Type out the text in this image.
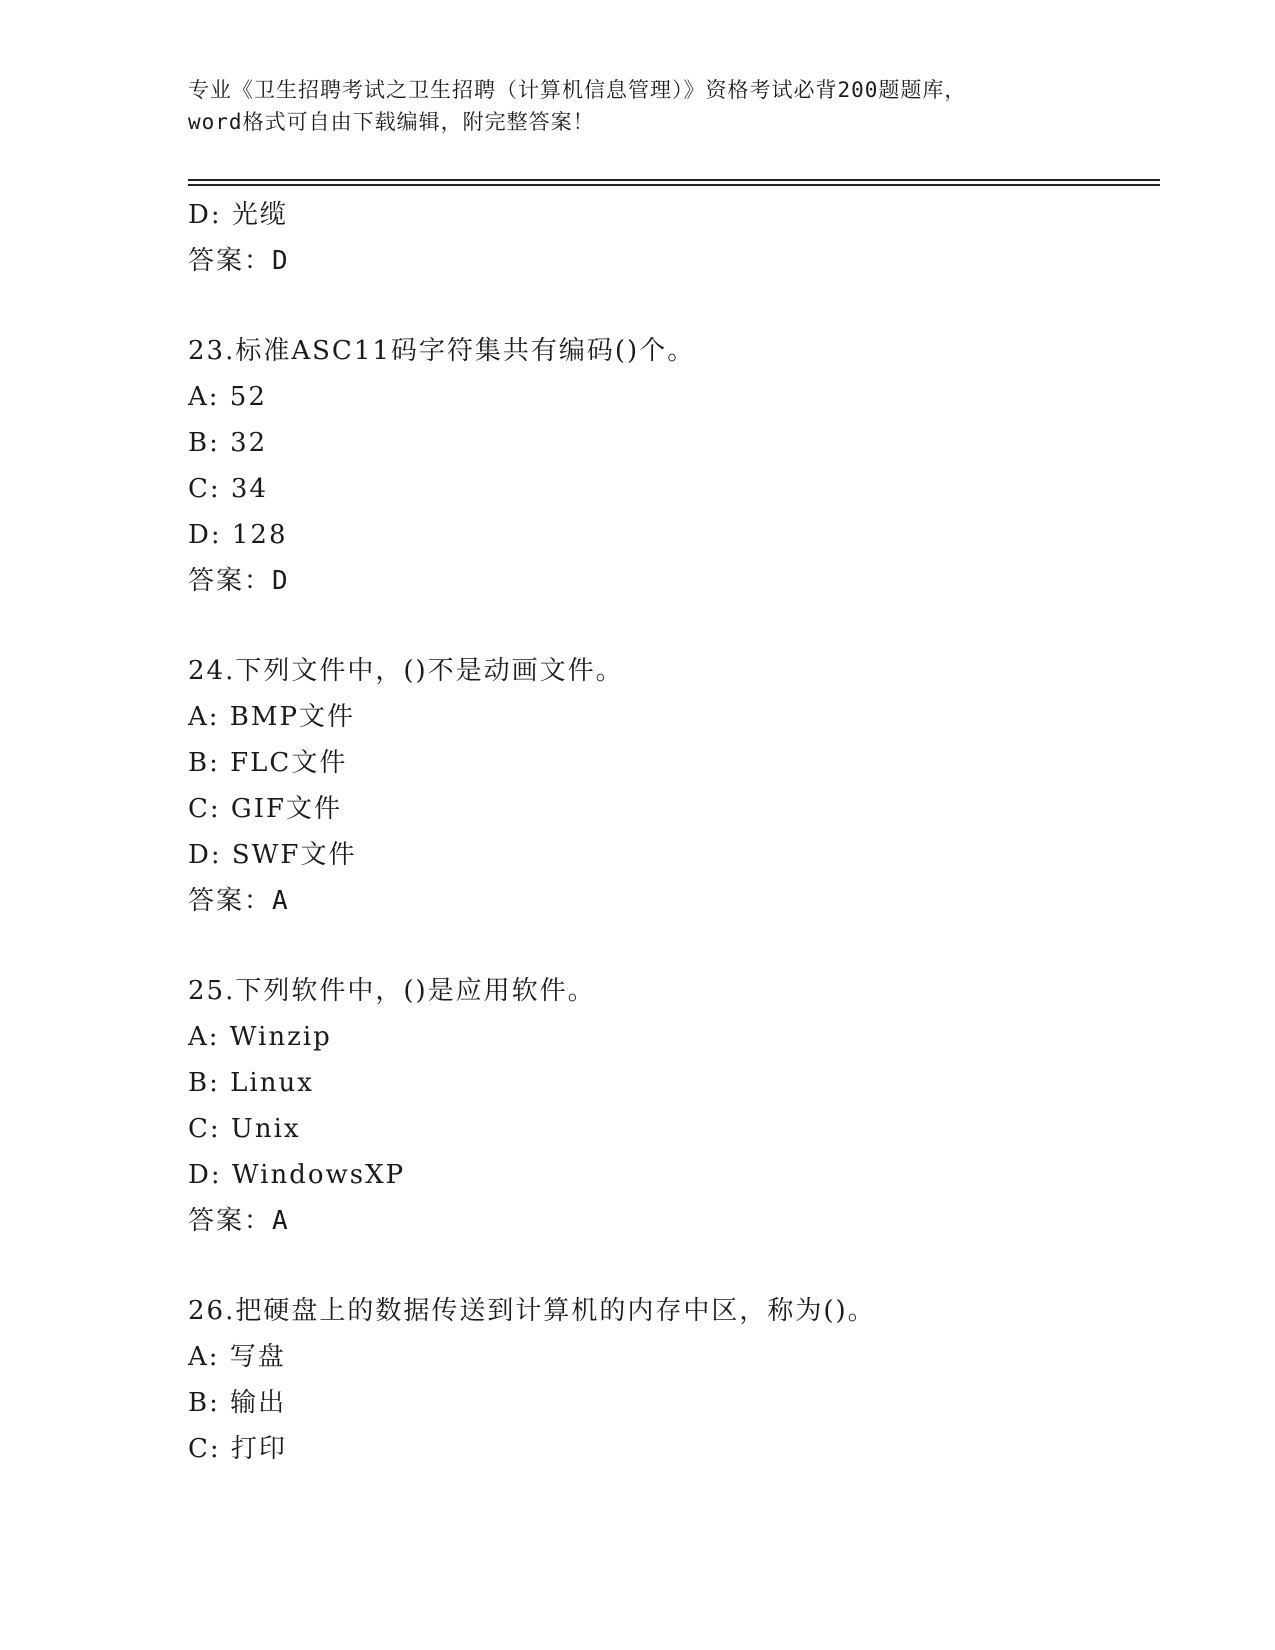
专业《卫生招聘考试之卫生招聘（计算机信息管理）》资格考试必背200题题库，
word格式可自由下载编辑，附完整答案！
D: 光缆
答案：D
23.标准ASC11码字符集共有编码()个。
A: 52
B: 32
C: 34
D: 128
答案：D
24.下列文件中，()不是动画文件。
A: BMP文件
B: FLC文件
C: GIF文件
D: SWF文件
答案：A
25.下列软件中，()是应用软件。
A: Winzip
B: Linux
C: Unix
D: WindowsXP
答案：A
26.把硬盘上的数据传送到计算机的内存中区，称为()。
A: 写盘
B: 输出
C: 打印
